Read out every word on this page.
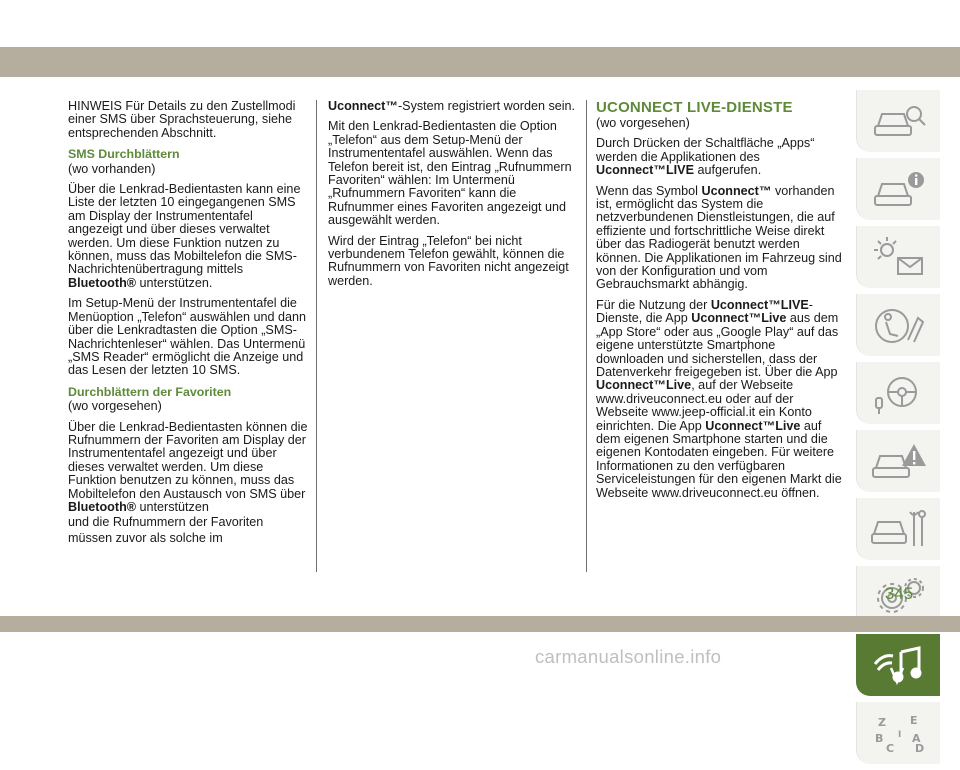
HINWEIS Für Details zu den Zustellmodi einer SMS über Sprachsteuerung, siehe entsprechenden Abschnitt.

SMS Durchblättern

(wo vorhanden)

Über die Lenkrad-Bedientasten kann eine Liste der letzten 10 eingegangenen SMS am Display der Instrumententafel angezeigt und über dieses verwaltet werden. Um diese Funktion nutzen zu können, muss das Mobiltelefon die SMS-Nachrichtenübertragung mittels Bluetooth® unterstützen.

Im Setup-Menü der Instrumententafel die Menüoption „Telefon“ auswählen und dann über die Lenkradtasten die Option „SMS-Nachrichtenleser“ wählen. Das Untermenü „SMS Reader“ ermöglicht die Anzeige und das Lesen der letzten 10 SMS.

Durchblättern der Favoriten

(wo vorgesehen)

Über die Lenkrad-Bedientasten können die Rufnummern der Favoriten am Display der Instrumententafel angezeigt und über dieses verwaltet werden. Um diese Funktion benutzen zu können, muss das Mobiltelefon den Austausch von SMS über Bluetooth® unterstützen

und die Rufnummern der Favoriten

müssen zuvor als solche im

Uconnect™-System registriert worden sein.

Mit den Lenkrad-Bedientasten die Option „Telefon“ aus dem Setup-Menü der Instrumententafel auswählen. Wenn das Telefon bereit ist, den Eintrag „Rufnummern Favoriten“ wählen: Im Untermenü „Rufnummern Favoriten“ kann die Rufnummer eines Favoriten angezeigt und ausgewählt werden.

Wird der Eintrag „Telefon“ bei nicht verbundenem Telefon gewählt, können die Rufnummern von Favoriten nicht angezeigt werden.

UCONNECT LIVE-DIENSTE

(wo vorgesehen)

Durch Drücken der Schaltfläche „Apps“ werden die Applikationen des Uconnect™LIVE aufgerufen.

Wenn das Symbol Uconnect™ vorhanden ist, ermöglicht das System die netzverbundenen Dienstleistungen, die auf effiziente und fortschrittliche Weise direkt über das Radiogerät benutzt werden können. Die Applikationen im Fahrzeug sind von der Konfiguration und vom Gebrauchsmarkt abhängig.

Für die Nutzung der Uconnect™LIVE-Dienste, die App Uconnect™Live aus dem „App Store“ oder aus „Google Play“ auf das eigene unterstützte Smartphone downloaden und sicherstellen, dass der Datenverkehr freigegeben ist. Über die App Uconnect™Live, auf der Webseite www.driveuconnect.eu oder auf der Webseite www.jeep-official.it ein Konto einrichten. Die App Uconnect™Live auf dem eigenen Smartphone starten und die eigenen Kontodaten eingeben. Für weitere Informationen zu den verfügbaren Serviceleistungen für den eigenen Markt die Webseite www.driveuconnect.eu öffnen.

Z E
B	A
C D
I
345
carmanualsonline.info
